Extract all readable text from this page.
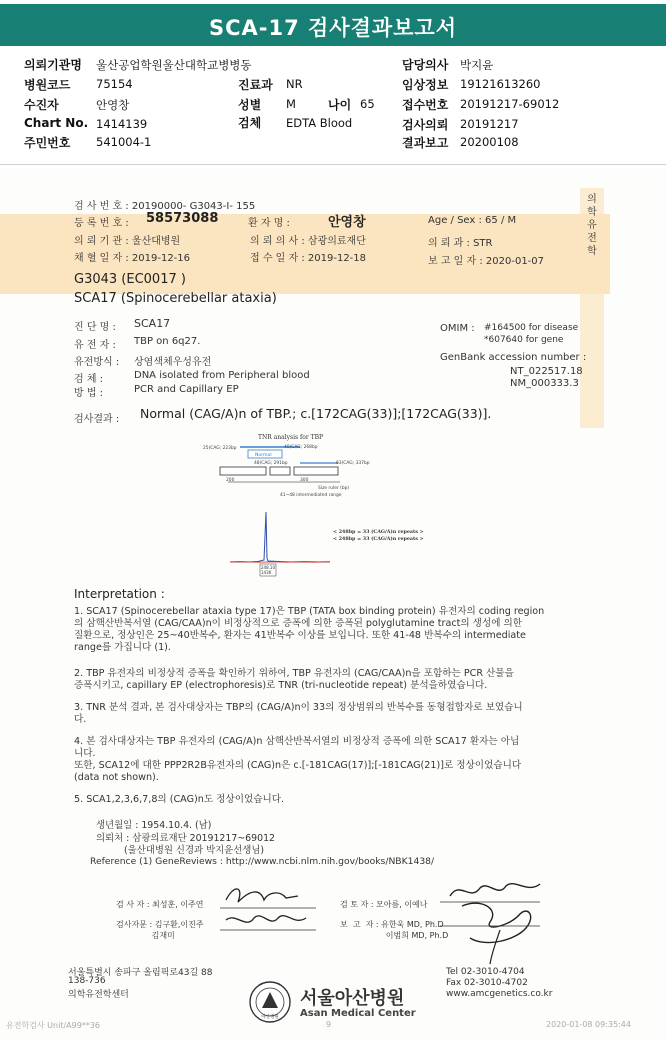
SCA-17 검사결과보고서
의뢰기관명 울산공업학원울산대학교병병동
병원코드 75154
수진자	안영창
Chart No. 1414139
주민번호 541004-1
진료과 NR
성별 M	나이 65
검체 EDTA Blood
담당의사 박지윤
임상정보 19121613260
접수번호 20191217-69012
검사의뢰 20191217
결과보고 20200108
검 사 번 호 : 20190000- G3043-I- 155
등 록 번 호 : 58573088	환 자 명 :	안영창	Age / Sex : 65 / M
의 뢰 기 관 : 울산대병원	의 뢰 의 사 : 삼광의료재단	의 뢰 과 : STR
채 혈 일 자 : 2019-12-16	접 수 일 자 : 2019-12-18	보 고 일 자 : 2020-01-07
의학유전학
G3043 (EC0017 )
SCA17 (Spinocerebellar ataxia)
진 단 명 : SCA17
유 전 자 : TBP on 6q27.
유전방식 : 상염색체우성유전
검 체 :	DNA isolated from Peripheral blood
방 법 :	PCR and Capillary EP
OMIM : #164500 for disease
*607640 for gene
GenBank accession number :
NT_022517.18
NM_000333.3
검사결과 : Normal (CAG/A)n of TBP.; c.[172CAG(33)];[172CAG(33)].
TNR analysis for TBP
25(CAG; 223bp	40(CAG; 268bp
Normal
48(CAG; 291bp	63(CAG; 337bp
200	300
Size ruler (bp)
41~48 intermediated range
248.10
1436
< 248bp = 33 (CAG/A)n repeats >
< 248bp = 33 (CAG/A)n repeats >
Interpretation :
1. SCA17 (Spinocerebellar ataxia type 17)은 TBP (TATA box binding protein) 유전자의 coding region
의 삼핵산반복서열 (CAG/CAA)n이 비정상적으로 증폭에 의한 증폭된 polyglutamine tract의 생성에 의한
질환으로, 정상인은 25~40반복수, 환자는 41반복수 이상를 보입니다. 또한 41-48 반복수의 intermediate
range를 가집니다 (1).
2. TBP 유전자의 비정상적 증폭을 확인하기 위하여, TBP 유전자의 (CAG/CAA)n을 포함하는 PCR 산물을
증폭시키고, capillary EP (electrophoresis)로 TNR (tri-nucleotide repeat) 분석을하였습니다.
3. TNR 분석 결과, 본 검사대상자는 TBP의 (CAG/A)n이 33의 정상범위의 반복수를 동형접합자로 보였습니
다.
4. 본 검사대상자는 TBP 유전자의 (CAG/A)n 삼핵산반복서열의 비정상적 증폭에 의한 SCA17 환자는 아닙
니다.
또한, SCA12에 대한 PPP2R2B유전자의 (CAG)n은 c.[-181CAG(17)];[-181CAG(21)]로 정상이었습니다
(data not shown).
5. SCA1,2,3,6,7,8의 (CAG)n도 정상이었습니다.
생년월일 : 1954.10.4. (남)
의뢰처 : 삼광의료재단 20191217~69012
(울산대병원 신경과 박지윤선생님)
Reference (1) GeneReviews : http://www.ncbi.nlm.nih.gov/books/NBK1438/
검 사 자 : 최성훈, 이주연
검사자문 : 김구환,이진주
김재미
검 토 자 : 모아름, 이예나
보  고  자 : 유한욱 MD, Ph.D
이범희 MD, Ph.D
서울특별시 송파구 올림픽로43길 88
138-736
의학유전학센터
아산병원
서울아산병원
Asan Medical Center
Tel 02-3010-4704
Fax 02-3010-4702
www.amcgenetics.co.kr
유전학검사 Unit/A99**36	9	2020-01-08 09:35:44
